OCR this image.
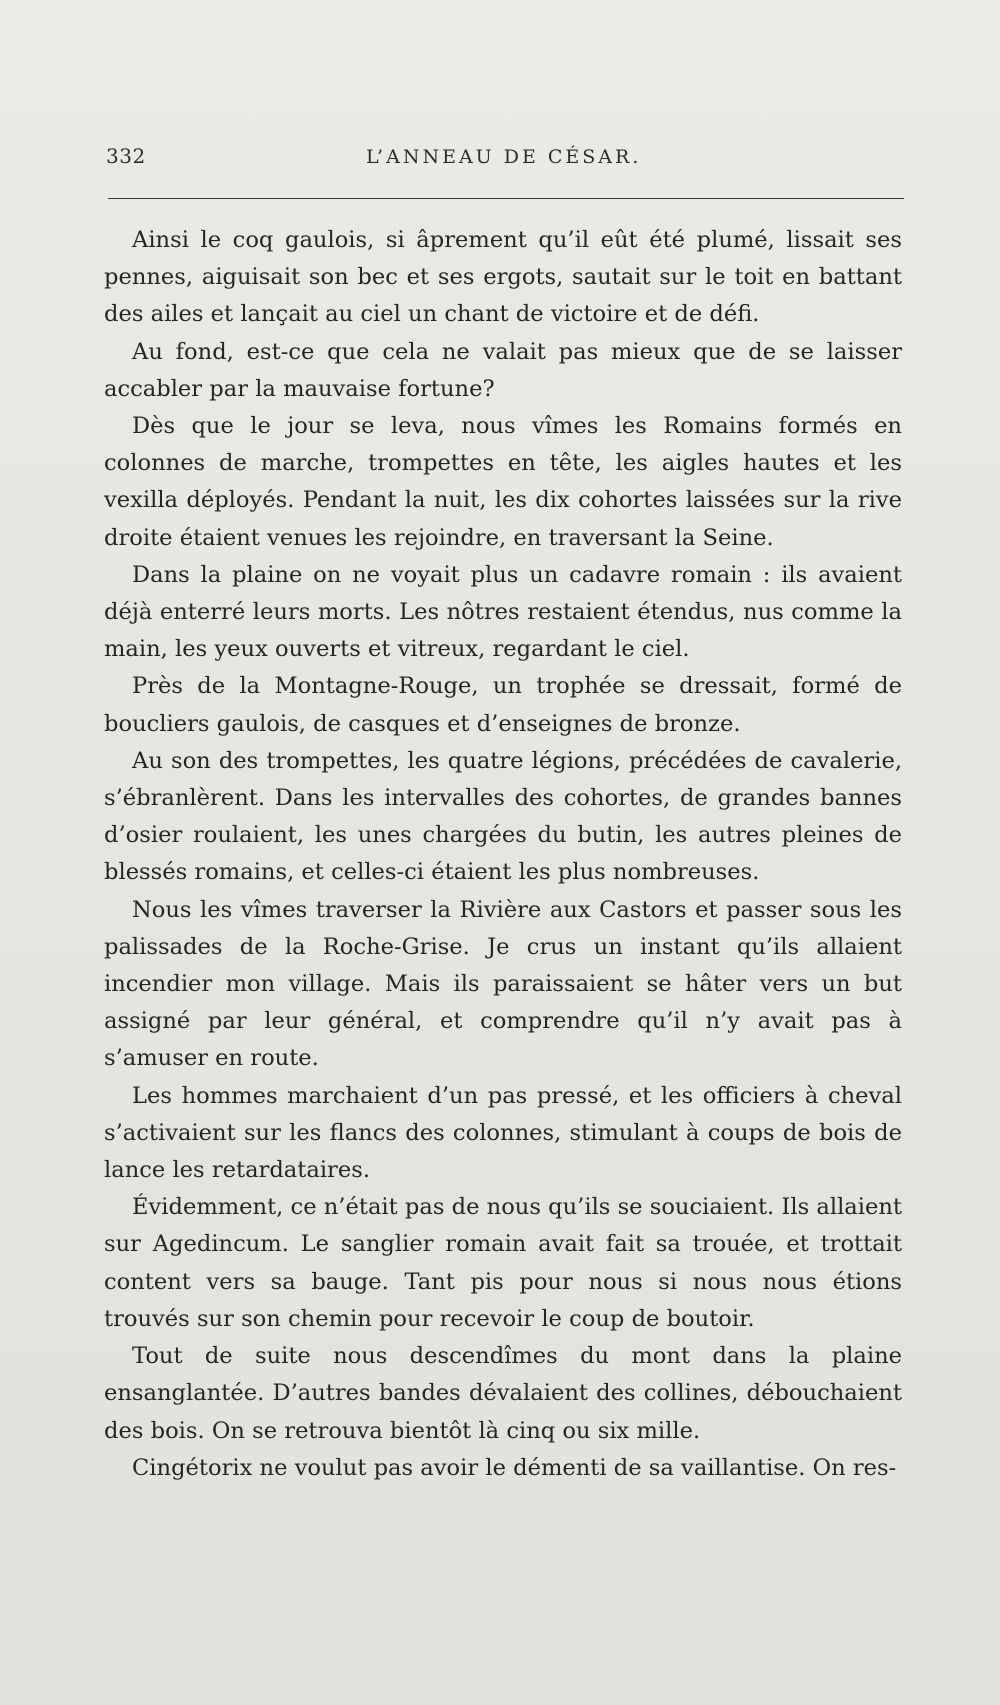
332	L’ANNEAU DE CÉSAR.

Ainsi le coq gaulois, si âprement qu’il eût été plumé, lissait ses pennes, aiguisait son bec et ses ergots, sautait sur le toit en battant des ailes et lançait au ciel un chant de victoire et de défi.

Au fond, est-ce que cela ne valait pas mieux que de se laisser accabler par la mauvaise fortune?

Dès que le jour se leva, nous vîmes les Romains formés en colonnes de marche, trompettes en tête, les aigles hautes et les vexilla déployés. Pendant la nuit, les dix cohortes laissées sur la rive droite étaient venues les rejoindre, en traversant la Seine.

Dans la plaine on ne voyait plus un cadavre romain : ils avaient déjà enterré leurs morts. Les nôtres restaient étendus, nus comme la main, les yeux ouverts et vitreux, regardant le ciel.

Près de la Montagne-Rouge, un trophée se dressait, formé de boucliers gaulois, de casques et d’enseignes de bronze.

Au son des trompettes, les quatre légions, précédées de cavalerie, s’ébranlèrent. Dans les intervalles des cohortes, de grandes bannes d’osier roulaient, les unes chargées du butin, les autres pleines de blessés romains, et celles-ci étaient les plus nombreuses.

Nous les vîmes traverser la Rivière aux Castors et passer sous les palissades de la Roche-Grise. Je crus un instant qu’ils allaient incendier mon village. Mais ils paraissaient se hâter vers un but assigné par leur général, et comprendre qu’il n’y avait pas à s’amuser en route.

Les hommes marchaient d’un pas pressé, et les officiers à cheval s’activaient sur les flancs des colonnes, stimulant à coups de bois de lance les retardataires.

Évidemment, ce n’était pas de nous qu’ils se souciaient. Ils allaient sur Agedincum. Le sanglier romain avait fait sa trouée, et trottait content vers sa bauge. Tant pis pour nous si nous nous étions trouvés sur son chemin pour recevoir le coup de boutoir.

Tout de suite nous descendîmes du mont dans la plaine ensanglantée. D’autres bandes dévalaient des collines, débouchaient des bois. On se retrouva bientôt là cinq ou six mille.

Cingétorix ne voulut pas avoir le démenti de sa vaillantise. On res-
